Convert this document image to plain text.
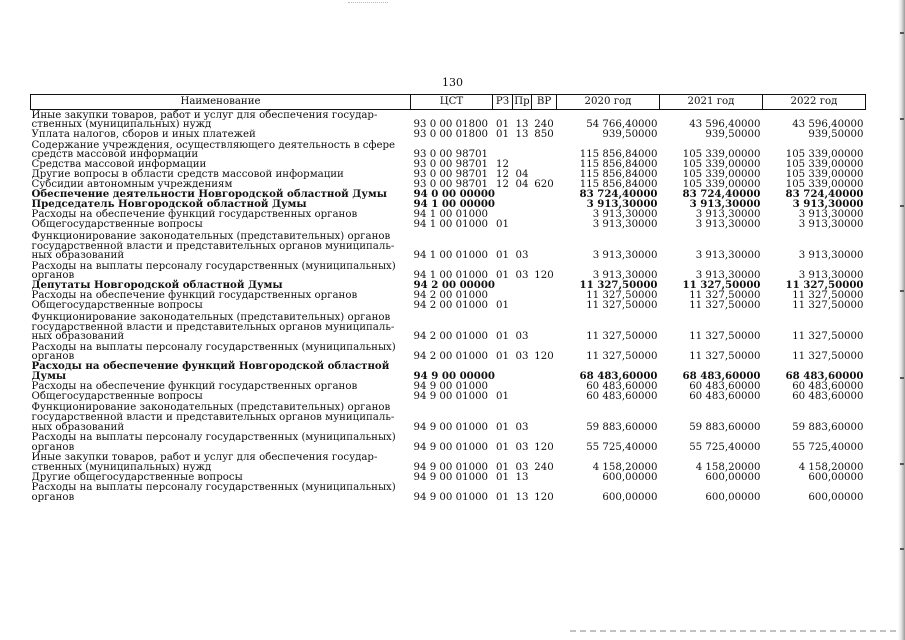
130
Наименование	ЦСТ	РЗ	Пр	ВР	2020 год	2021 год	2022 год
Иные закупки товаров, работ и услуг для обеспечения государ-ственных (муниципальных) нужд	93 0 00 01800	01	13	240	54 766,40000	43 596,40000	43 596,40000
Уплата налогов, сборов и иных платежей	93 0 00 01800	01	13	850	939,50000	939,50000	939,50000
Содержание учреждения, осуществляющего деятельность в сфере средств массовой информации	93 0 00 98701				115 856,84000	105 339,00000	105 339,00000
Средства массовой информации	93 0 00 98701	12			115 856,84000	105 339,00000	105 339,00000
Другие вопросы в области средств массовой информации	93 0 00 98701	12	04		115 856,84000	105 339,00000	105 339,00000
Субсидии автономным учреждениям	93 0 00 98701	12	04	620	115 856,84000	105 339,00000	105 339,00000
Обеспечение деятельности Новгородской областной Думы	94 0 00 00000				83 724,40000	83 724,40000	83 724,40000
Председатель Новгородской областной Думы	94 1 00 00000				3 913,30000	3 913,30000	3 913,30000
Расходы на обеспечение функций государственных органов	94 1 00 01000				3 913,30000	3 913,30000	3 913,30000
Общегосударственные вопросы	94 1 00 01000	01			3 913,30000	3 913,30000	3 913,30000
Функционирование законодательных (представительных) органов государственной власти и представительных органов муниципаль-ных образований	94 1 00 01000	01	03		3 913,30000	3 913,30000	3 913,30000
Расходы на выплаты персоналу государственных (муниципальных) органов	94 1 00 01000	01	03	120	3 913,30000	3 913,30000	3 913,30000
Депутаты Новгородской областной Думы	94 2 00 00000				11 327,50000	11 327,50000	11 327,50000
Расходы на обеспечение функций государственных органов	94 2 00 01000				11 327,50000	11 327,50000	11 327,50000
Общегосударственные вопросы	94 2 00 01000	01			11 327,50000	11 327,50000	11 327,50000
Функционирование законодательных (представительных) органов государственной власти и представительных органов муниципаль-ных образований	94 2 00 01000	01	03		11 327,50000	11 327,50000	11 327,50000
Расходы на выплаты персоналу государственных (муниципальных) органов	94 2 00 01000	01	03	120	11 327,50000	11 327,50000	11 327,50000
Расходы на обеспечение функций Новгородской областной Думы	94 9 00 00000				68 483,60000	68 483,60000	68 483,60000
Расходы на обеспечение функций государственных органов	94 9 00 01000				60 483,60000	60 483,60000	60 483,60000
Общегосударственные вопросы	94 9 00 01000	01			60 483,60000	60 483,60000	60 483,60000
Функционирование законодательных (представительных) органов государственной власти и представительных органов муниципаль-ных образований	94 9 00 01000	01	03		59 883,60000	59 883,60000	59 883,60000
Расходы на выплаты персоналу государственных (муниципальных) органов	94 9 00 01000	01	03	120	55 725,40000	55 725,40000	55 725,40000
Иные закупки товаров, работ и услуг для обеспечения государ-ственных (муниципальных) нужд	94 9 00 01000	01	03	240	4 158,20000	4 158,20000	4 158,20000
Другие общегосударственные вопросы	94 9 00 01000	01	13		600,00000	600,00000	600,00000
Расходы на выплаты персоналу государственных (муниципальных) органов	94 9 00 01000	01	13	120	600,00000	600,00000	600,00000
